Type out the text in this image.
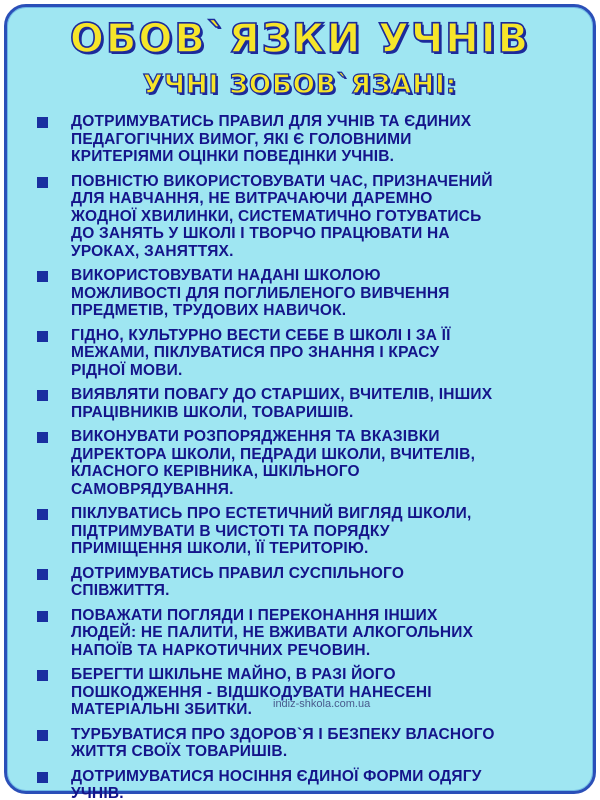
ОБОВ`ЯЗКИ УЧНІВ
УЧНІ ЗОБОВ`ЯЗАНІ:
ДОТРИМУВАТИСЬ ПРАВИЛ ДЛЯ УЧНІВ ТА ЄДИНИХ
ПЕДАГОГІЧНИХ ВИМОГ, ЯКІ Є ГОЛОВНИМИ
КРИТЕРІЯМИ ОЦІНКИ ПОВЕДІНКИ УЧНІВ.
ПОВНІСТЮ ВИКОРИСТОВУВАТИ ЧАС, ПРИЗНАЧЕНИЙ
ДЛЯ НАВЧАННЯ, НЕ ВИТРАЧАЮЧИ ДАРЕМНО
ЖОДНОЇ ХВИЛИНКИ, СИСТЕМАТИЧНО ГОТУВАТИСЬ
ДО ЗАНЯТЬ У ШКОЛІ І ТВОРЧО ПРАЦЮВАТИ НА
УРОКАХ, ЗАНЯТТЯХ.
ВИКОРИСТОВУВАТИ НАДАНІ ШКОЛОЮ
МОЖЛИВОСТІ ДЛЯ ПОГЛИБЛЕНОГО ВИВЧЕННЯ
ПРЕДМЕТІВ, ТРУДОВИХ НАВИЧОК.
ГІДНО, КУЛЬТУРНО ВЕСТИ СЕБЕ В ШКОЛІ І ЗА ЇЇ
МЕЖАМИ, ПІКЛУВАТИСЯ ПРО ЗНАННЯ І КРАСУ
РІДНОЇ МОВИ.
ВИЯВЛЯТИ ПОВАГУ ДО СТАРШИХ, ВЧИТЕЛІВ, ІНШИХ
ПРАЦІВНИКІВ ШКОЛИ, ТОВАРИШІВ.
ВИКОНУВАТИ РОЗПОРЯДЖЕННЯ ТА ВКАЗІВКИ
ДИРЕКТОРА ШКОЛИ, ПЕДРАДИ ШКОЛИ, ВЧИТЕЛІВ,
КЛАСНОГО КЕРІВНИКА, ШКІЛЬНОГО
САМОВРЯДУВАННЯ.
ПІКЛУВАТИСЬ ПРО ЕСТЕТИЧНИЙ ВИГЛЯД ШКОЛИ,
ПІДТРИМУВАТИ В ЧИСТОТІ ТА ПОРЯДКУ
ПРИМІЩЕННЯ ШКОЛИ, ЇЇ ТЕРИТОРІЮ.
ДОТРИМУВАТИСЬ ПРАВИЛ СУСПІЛЬНОГО
СПІВЖИТТЯ.
ПОВАЖАТИ ПОГЛЯДИ І ПЕРЕКОНАННЯ ІНШИХ
ЛЮДЕЙ: НЕ ПАЛИТИ, НЕ ВЖИВАТИ АЛКОГОЛЬНИХ
НАПОЇВ ТА НАРКОТИЧНИХ РЕЧОВИН.
БЕРЕГТИ ШКІЛЬНЕ МАЙНО, В РАЗІ ЙОГО
ПОШКОДЖЕННЯ - ВІДШКОДУВАТИ НАНЕСЕНІ
МАТЕРІАЛЬНІ ЗБИТКИ.
ТУРБУВАТИСЯ ПРО ЗДОРОВ`Я І БЕЗПЕКУ ВЛАСНОГО
ЖИТТЯ СВОЇХ ТОВАРИШІВ.
ДОТРИМУВАТИСЯ НОСІННЯ ЄДИНОЇ ФОРМИ ОДЯГУ
УЧНІВ.
indiz-shkola.com.ua
